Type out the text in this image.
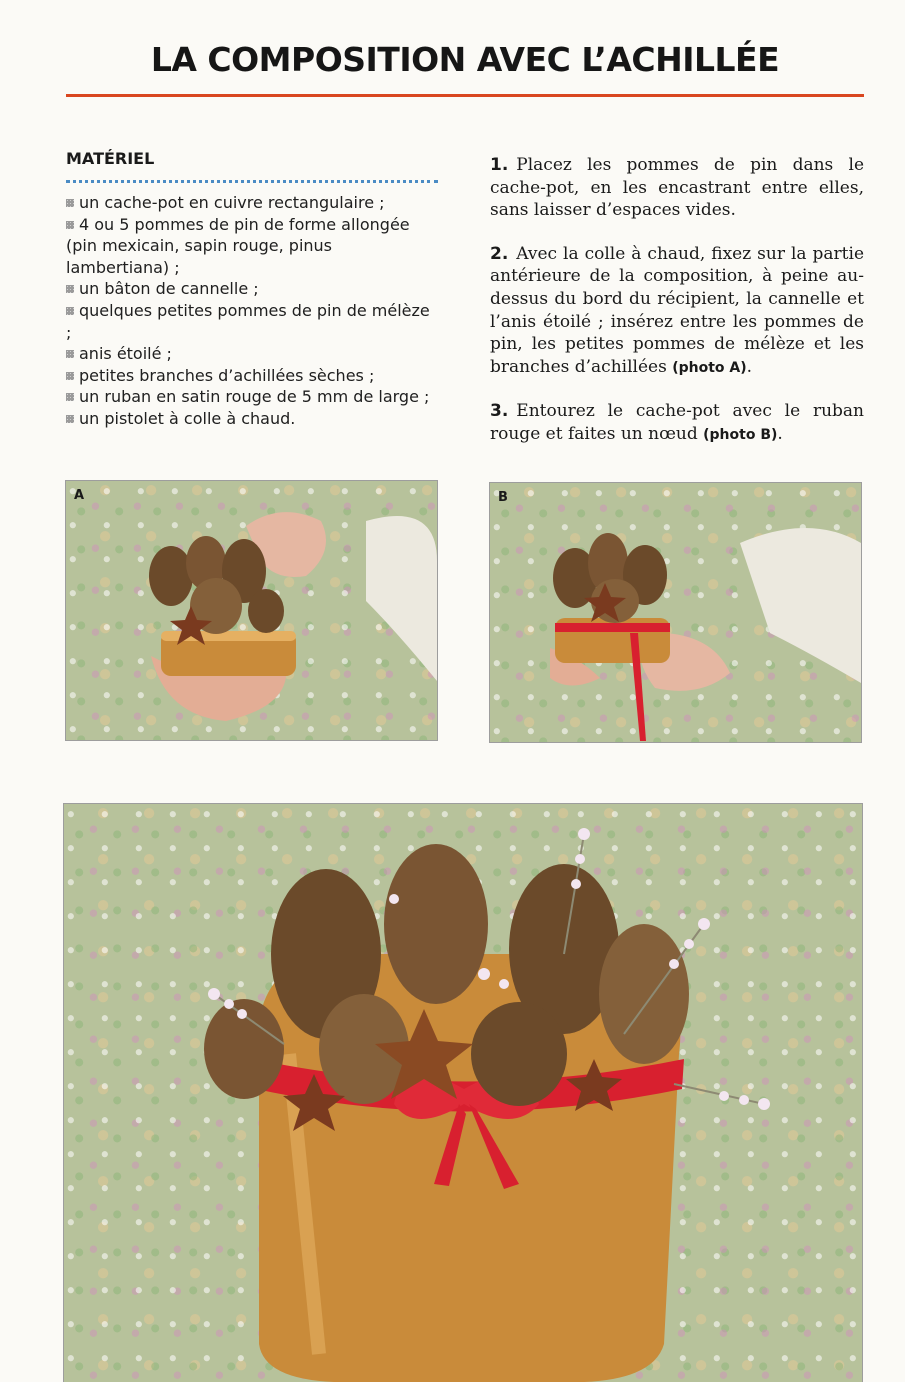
LA COMPOSITION AVEC L’ACHILLÉE
MATÉRIEL
un cache-pot en cuivre rectangulaire ;
4 ou 5 pommes de pin de forme allongée (pin mexicain, sapin rouge, pinus lambertiana) ;
un bâton de cannelle ;
quelques petites pommes de pin de mélèze ;
anis étoilé ;
petites branches d’achillées sèches ;
un ruban en satin rouge de 5 mm de large ;
un pistolet à colle à chaud.

1. Placez les pommes de pin dans le cache-pot, en les encastrant entre elles, sans laisser d’espaces vides.

2. Avec la colle à chaud, fixez sur la partie antérieure de la composition, à peine au-dessus du bord du récipient, la cannelle et l’anis étoilé ; insérez entre les pommes de pin, les petites pommes de mélèze et les branches d’achillées (photo A).

3. Entourez le cache-pot avec le ruban rouge et faites un nœud (photo B).

A	B
